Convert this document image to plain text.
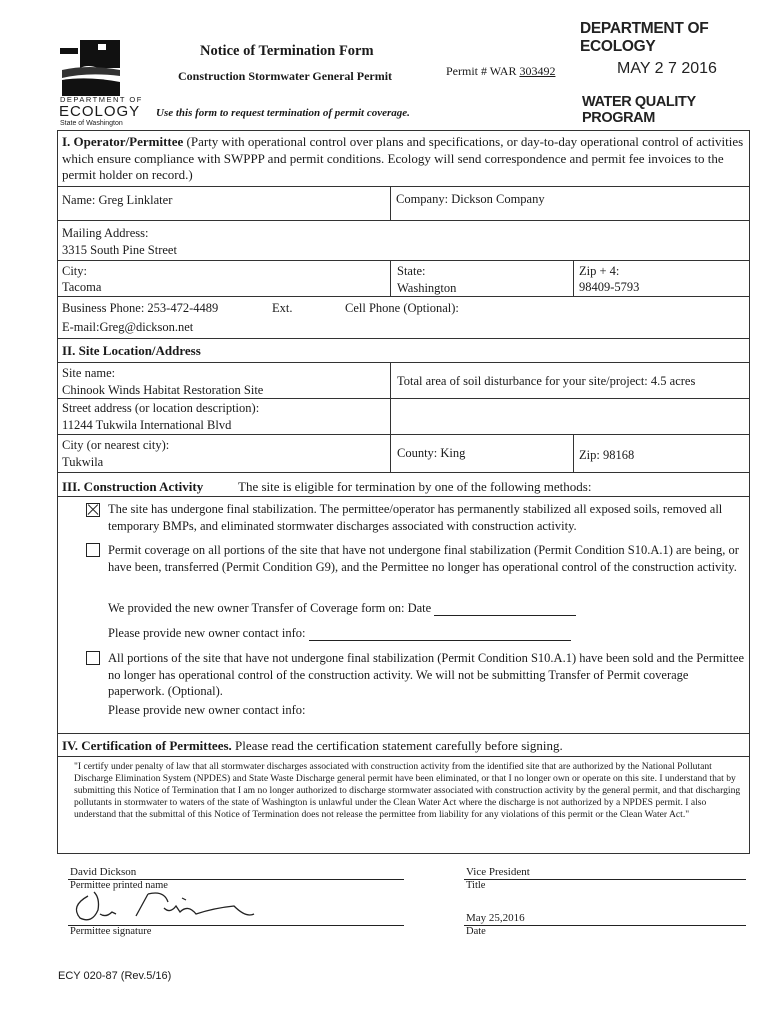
DEPARTMENT OF
ECOLOGY
State of Washington
Notice of Termination Form
Construction Stormwater General Permit	Permit # WAR 303492
Use this form to request termination of permit coverage.
DEPARTMENT OF ECOLOGY
MAY 2 7 2016
WATER QUALITY PROGRAM
I. Operator/Permittee (Party with operational control over plans and specifications, or day-to-day operational control of activities which ensure compliance with SWPPP and permit conditions. Ecology will send correspondence and permit fee invoices to the permit holder on record.)
Name: Greg Linklater	Company: Dickson Company
Mailing Address:
3315 South Pine Street
City:
Tacoma
State:
Washington
Zip + 4:
98409-5793
Business Phone: 253-472-4489	Ext.	Cell Phone (Optional):
E-mail:Greg@dickson.net
II. Site Location/Address
Site name:
Chinook Winds Habitat Restoration Site
Total area of soil disturbance for your site/project: 4.5 acres
Street address (or location description):
11244 Tukwila International Blvd
City (or nearest city):
Tukwila
County: King	Zip: 98168
III. Construction Activity	The site is eligible for termination by one of the following methods:
The site has undergone final stabilization. The permittee/operator has permanently stabilized all exposed soils, removed all temporary BMPs, and eliminated stormwater discharges associated with construction activity.
Permit coverage on all portions of the site that have not undergone final stabilization (Permit Condition S10.A.1) are being, or have been, transferred (Permit Condition G9), and the Permittee no longer has operational control of the construction activity.
We provided the new owner Transfer of Coverage form on: Date
Please provide new owner contact info:
All portions of the site that have not undergone final stabilization (Permit Condition S10.A.1) have been sold and the Permittee no longer has operational control of the construction activity. We will not be submitting Transfer of Permit coverage paperwork. (Optional).
Please provide new owner contact info:
IV. Certification of Permittees. Please read the certification statement carefully before signing.
"I certify under penalty of law that all stormwater discharges associated with construction activity from the identified site that are authorized by the National Pollutant Discharge Elimination System (NPDES) and State Waste Discharge general permit have been eliminated, or that I no longer own or operate on this site. I understand that by submitting this Notice of Termination that I am no longer authorized to discharge stormwater associated with construction activity by the general permit, and that discharging pollutants in stormwater to waters of the state of Washington is unlawful under the Clean Water Act where the discharge is not authorized by a NPDES permit. I also understand that the submittal of this Notice of Termination does not release the permittee from liability for any violations of this permit or the Clean Water Act."
David Dickson
Permittee printed name
Vice President
Title
Permittee signature
May 25,2016
Date
ECY 020-87 (Rev.5/16)
